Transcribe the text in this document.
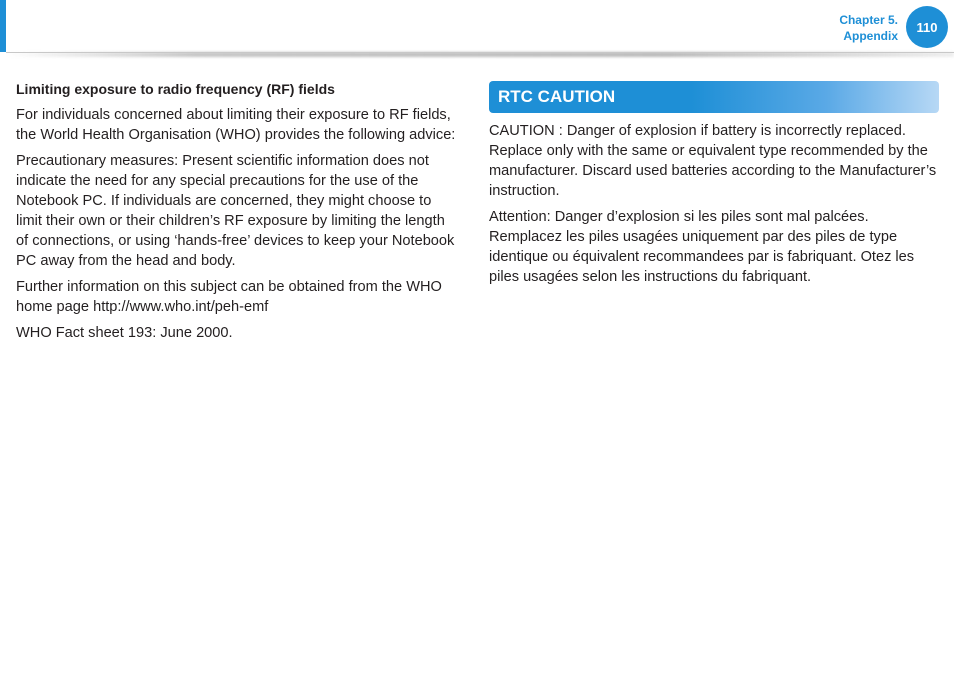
Chapter 5.
Appendix
110
Limiting exposure to radio frequency (RF) fields

For individuals concerned about limiting their exposure to RF fields, the World Health Organisation (WHO) provides the following advice:

Precautionary measures: Present scientific information does not indicate the need for any special precautions for the use of the Notebook PC. If individuals are concerned, they might choose to limit their own or their children’s RF exposure by limiting the length of connections, or using ‘hands-free’ devices to keep your Notebook PC away from the head and body.

Further information on this subject can be obtained from the WHO home page http://www.who.int/peh-emf

WHO Fact sheet 193: June 2000.

RTC CAUTION

CAUTION : Danger of explosion if battery is incorrectly replaced. Replace only with the same or equivalent type recommended by the manufacturer. Discard used batteries according to the Manufacturer’s instruction.

Attention: Danger d’explosion si les piles sont mal palcées. Remplacez les piles usagées uniquement par des piles de type identique ou équivalent recommandees par is fabriquant. Otez les piles usagées selon les instructions du fabriquant.
